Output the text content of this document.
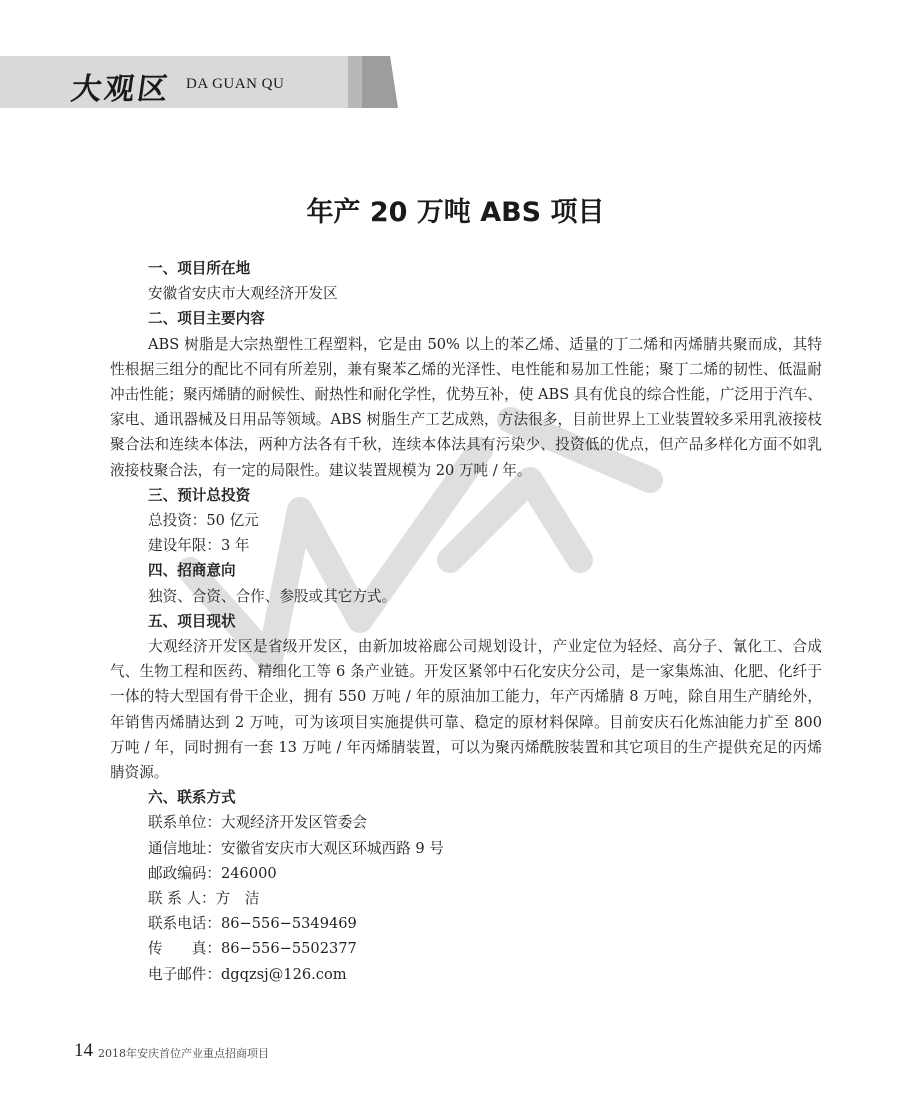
大观区 DA GUAN QU
年产 20 万吨 ABS 项目

一、项目所在地

安徽省安庆市大观经济开发区

二、项目主要内容

ABS 树脂是大宗热塑性工程塑料，它是由 50% 以上的苯乙烯、适量的丁二烯和丙烯腈共聚而成，其特性根据三组分的配比不同有所差别，兼有聚苯乙烯的光泽性、电性能和易加工性能；聚丁二烯的韧性、低温耐冲击性能；聚丙烯腈的耐候性、耐热性和耐化学性，优势互补，使 ABS 具有优良的综合性能，广泛用于汽车、家电、通讯器械及日用品等领域。ABS 树脂生产工艺成熟，方法很多，目前世界上工业装置较多采用乳液接枝聚合法和连续本体法，两种方法各有千秋，连续本体法具有污染少、投资低的优点，但产品多样化方面不如乳液接枝聚合法，有一定的局限性。建议装置规模为 20 万吨 / 年。

三、预计总投资

总投资：50 亿元

建设年限：3 年

四、招商意向

独资、合资、合作、参股或其它方式。

五、项目现状

大观经济开发区是省级开发区，由新加坡裕廊公司规划设计，产业定位为轻烃、高分子、氰化工、合成气、生物工程和医药、精细化工等 6 条产业链。开发区紧邻中石化安庆分公司，是一家集炼油、化肥、化纤于一体的特大型国有骨干企业，拥有 550 万吨 / 年的原油加工能力，年产丙烯腈 8 万吨，除自用生产腈纶外，年销售丙烯腈达到 2 万吨，可为该项目实施提供可靠、稳定的原材料保障。目前安庆石化炼油能力扩至 800 万吨 / 年，同时拥有一套 13 万吨 / 年丙烯腈装置，可以为聚丙烯酰胺装置和其它项目的生产提供充足的丙烯腈资源。

六、联系方式

联系单位：大观经济开发区管委会

通信地址：安徽省安庆市大观区环城西路 9 号

邮政编码：246000

联 系 人：方　洁

联系电话：86−556−5349469

传　　真：86−556−5502377

电子邮件：dgqzsj@126.com

14 2018年安庆首位产业重点招商项目
